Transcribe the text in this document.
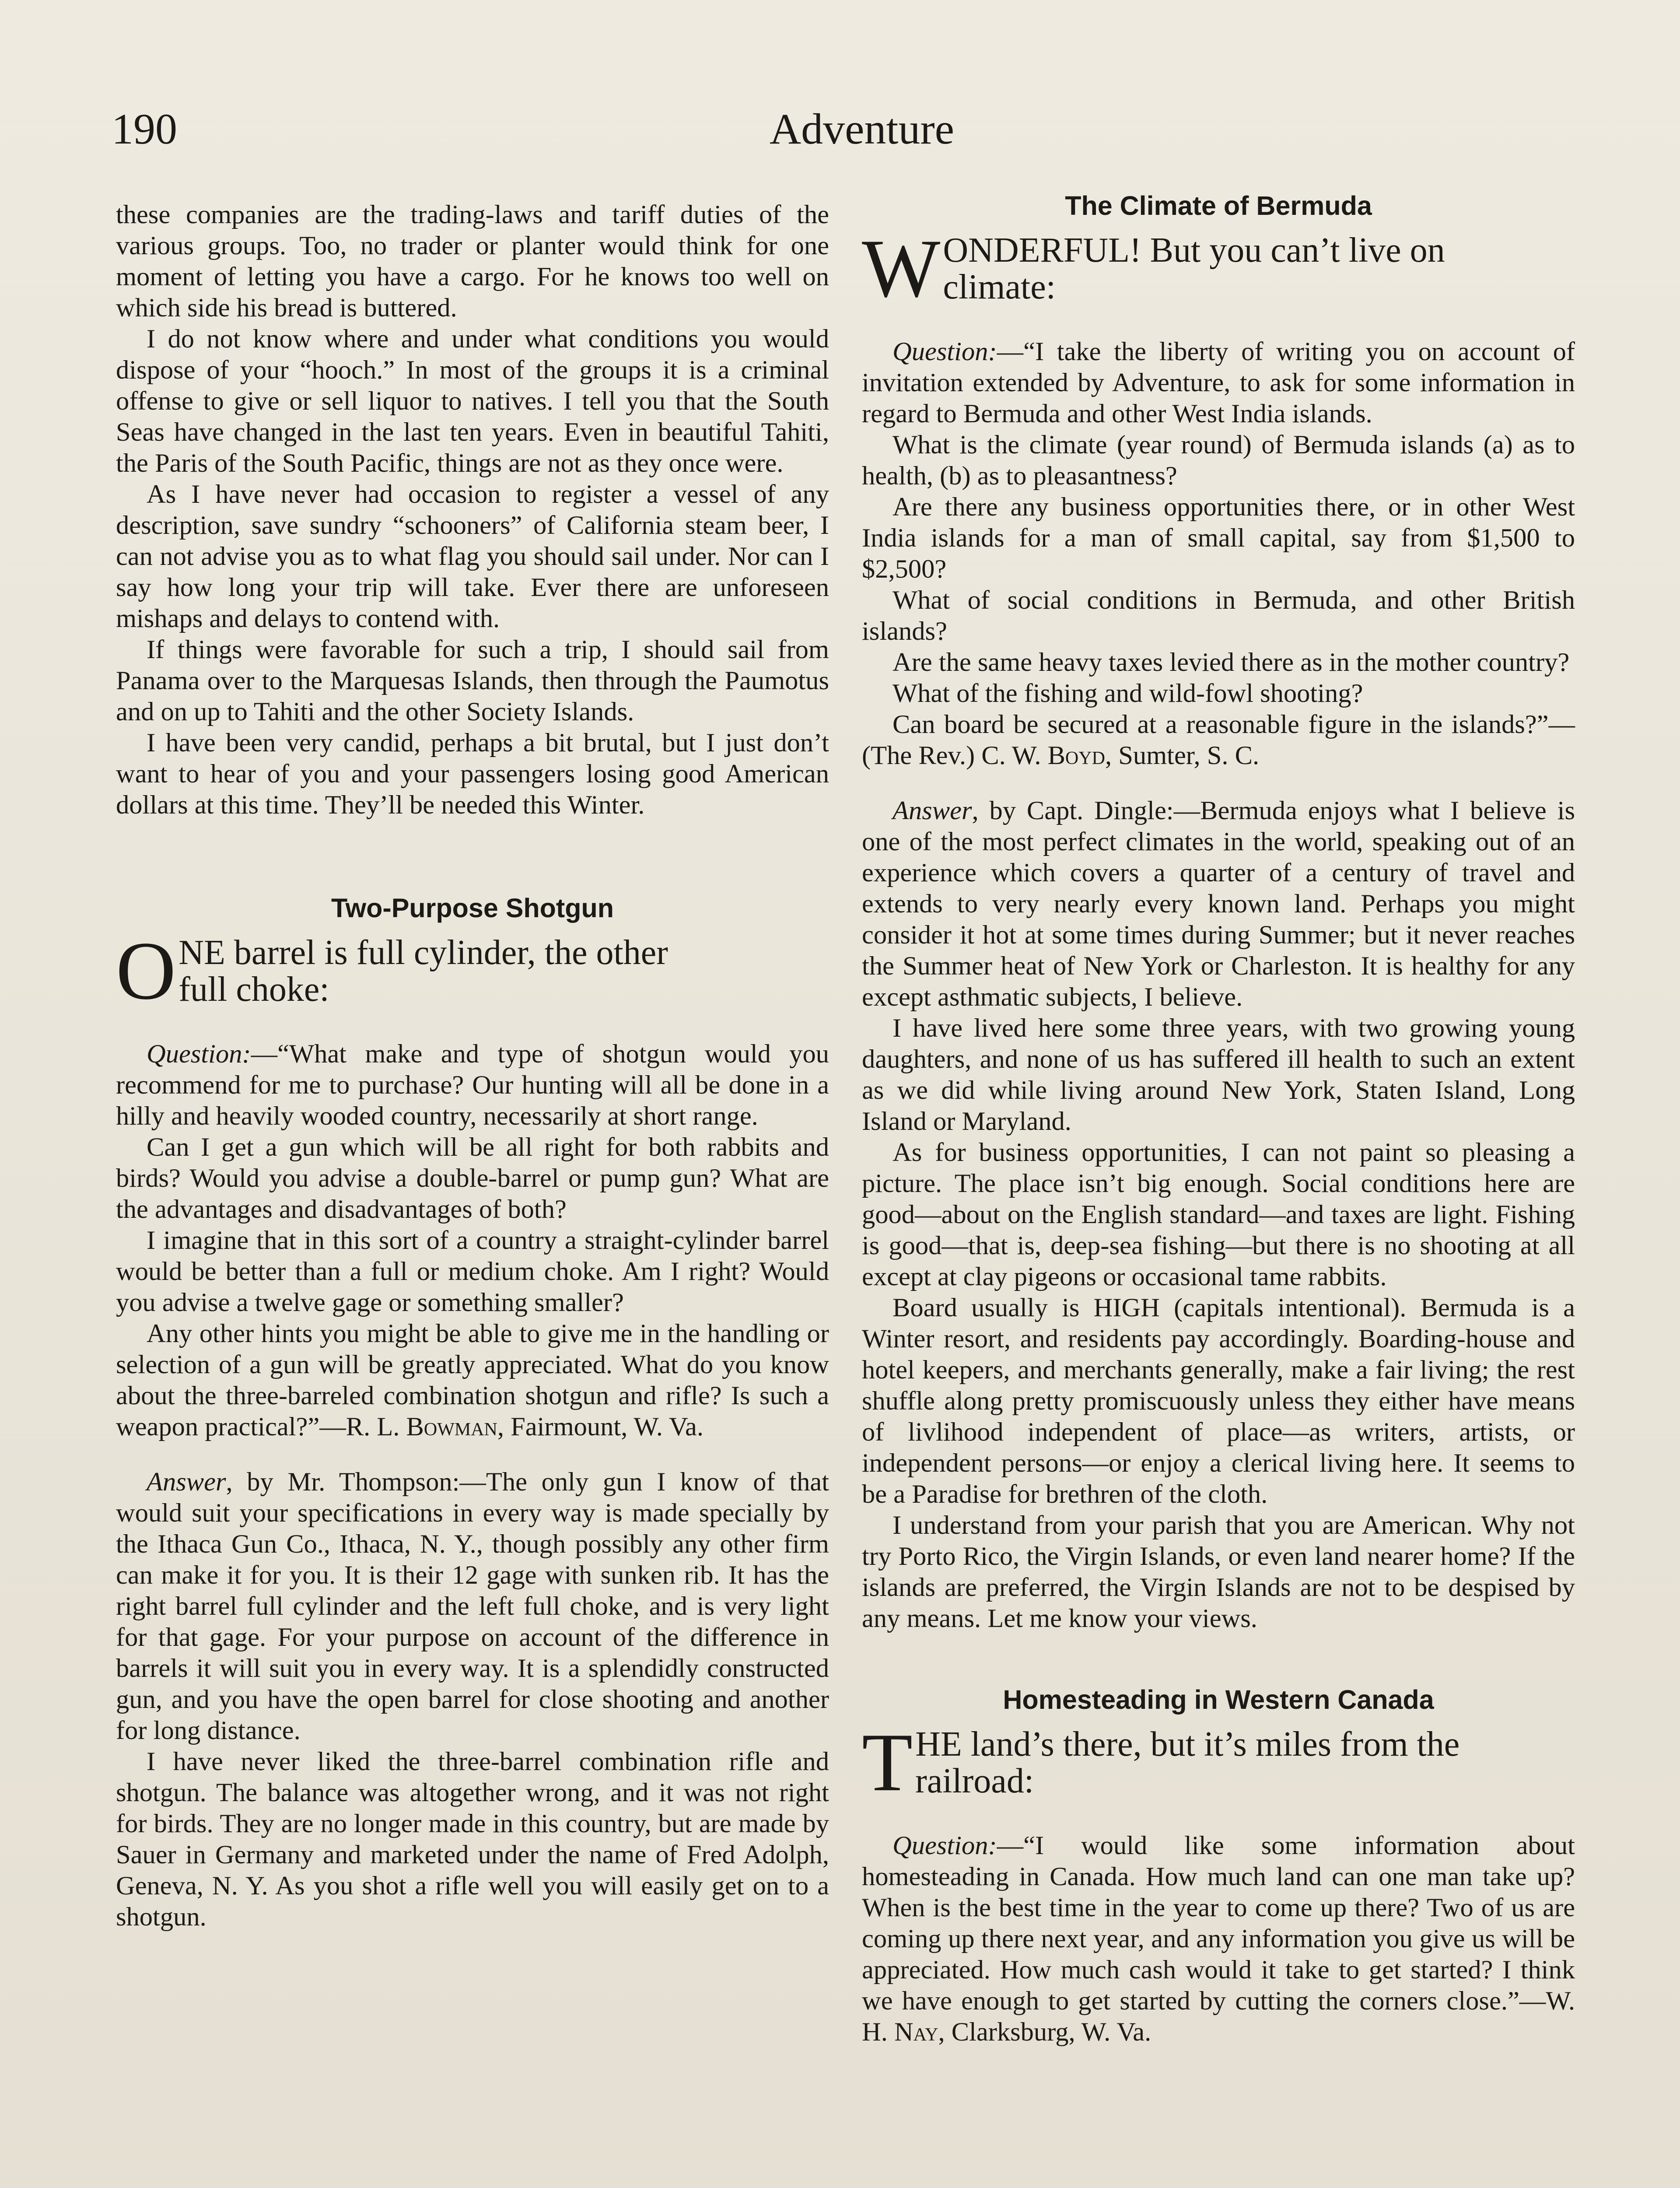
190	Adventure

these companies are the trading-laws and tariff duties of the various groups. Too, no trader or planter would think for one moment of letting you have a cargo. For he knows too well on which side his bread is buttered.

I do not know where and under what conditions you would dispose of your “hooch.” In most of the groups it is a criminal offense to give or sell liquor to natives. I tell you that the South Seas have changed in the last ten years. Even in beautiful Tahiti, the Paris of the South Pacific, things are not as they once were.

As I have never had occasion to register a vessel of any description, save sundry “schooners” of California steam beer, I can not advise you as to what flag you should sail under. Nor can I say how long your trip will take. Ever there are unforeseen mishaps and delays to contend with.

If things were favorable for such a trip, I should sail from Panama over to the Marquesas Islands, then through the Paumotus and on up to Tahiti and the other Society Islands.

I have been very candid, perhaps a bit brutal, but I just don’t want to hear of you and your passengers losing good American dollars at this time. They’ll be needed this Winter.

Two-Purpose Shotgun
O NE barrel is full cylinder, the other
full choke:

Question:—“What make and type of shotgun would you recommend for me to purchase? Our hunting will all be done in a hilly and heavily wooded country, necessarily at short range.

Can I get a gun which will be all right for both rabbits and birds? Would you advise a double-barrel or pump gun? What are the advantages and disadvantages of both?

I imagine that in this sort of a country a straight-cylinder barrel would be better than a full or medium choke. Am I right? Would you advise a twelve gage or something smaller?

Any other hints you might be able to give me in the handling or selection of a gun will be greatly appreciated. What do you know about the three-barreled combination shotgun and rifle? Is such a weapon practical?”—R. L. Bowman, Fairmount, W. Va.

Answer, by Mr. Thompson:—The only gun I know of that would suit your specifications in every way is made specially by the Ithaca Gun Co., Ithaca, N. Y., though possibly any other firm can make it for you. It is their 12 gage with sunken rib. It has the right barrel full cylinder and the left full choke, and is very light for that gage. For your purpose on account of the difference in barrels it will suit you in every way. It is a splendidly constructed gun, and you have the open barrel for close shooting and another for long distance.

I have never liked the three-barrel combination rifle and shotgun. The balance was altogether wrong, and it was not right for birds. They are no longer made in this country, but are made by Sauer in Germany and marketed under the name of Fred Adolph, Geneva, N. Y. As you shot a rifle well you will easily get on to a shotgun.

The Climate of Bermuda
W ONDERFUL! But you can’t live on
climate:

Question:—“I take the liberty of writing you on account of invitation extended by Adventure, to ask for some information in regard to Bermuda and other West India islands.

What is the climate (year round) of Bermuda islands (a) as to health, (b) as to pleasantness?

Are there any business opportunities there, or in other West India islands for a man of small capital, say from $1,500 to $2,500?

What of social conditions in Bermuda, and other British islands?

Are the same heavy taxes levied there as in the mother country?

What of the fishing and wild-fowl shooting?

Can board be secured at a reasonable figure in the islands?”—(The Rev.) C. W. Boyd, Sumter, S. C.

Answer, by Capt. Dingle:—Bermuda enjoys what I believe is one of the most perfect climates in the world, speaking out of an experience which covers a quarter of a century of travel and extends to very nearly every known land. Perhaps you might consider it hot at some times during Summer; but it never reaches the Summer heat of New York or Charleston. It is healthy for any except asthmatic subjects, I believe.

I have lived here some three years, with two growing young daughters, and none of us has suffered ill health to such an extent as we did while living around New York, Staten Island, Long Island or Maryland.

As for business opportunities, I can not paint so pleasing a picture. The place isn’t big enough. Social conditions here are good—about on the English standard—and taxes are light. Fishing is good—that is, deep-sea fishing—but there is no shooting at all except at clay pigeons or occasional tame rabbits.

Board usually is HIGH (capitals intentional). Bermuda is a Winter resort, and residents pay accordingly. Boarding-house and hotel keepers, and merchants generally, make a fair living; the rest shuffle along pretty promiscuously unless they either have means of livlihood independent of place—as writers, artists, or independent persons—or enjoy a clerical living here. It seems to be a Paradise for brethren of the cloth.

I understand from your parish that you are American. Why not try Porto Rico, the Virgin Islands, or even land nearer home? If the islands are preferred, the Virgin Islands are not to be despised by any means. Let me know your views.

Homesteading in Western Canada
T HE land’s there, but it’s miles from the
railroad:

Question:—“I would like some information about homesteading in Canada. How much land can one man take up? When is the best time in the year to come up there? Two of us are coming up there next year, and any information you give us will be appreciated. How much cash would it take to get started? I think we have enough to get started by cutting the corners close.”—W. H. Nay, Clarksburg, W. Va.
